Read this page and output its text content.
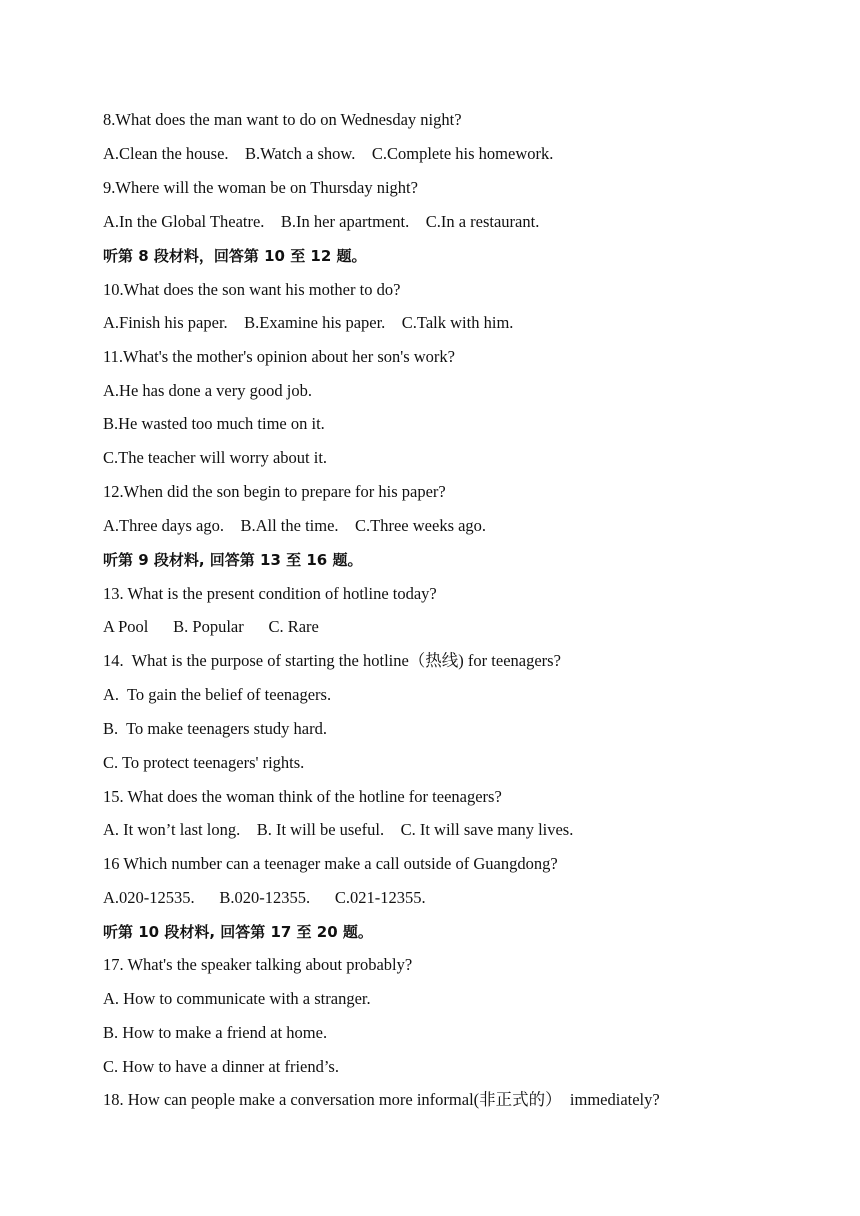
8.What does the man want to do on Wednesday night?
A.Clean the house.    B.Watch a show.    C.Complete his homework.
9.Where will the woman be on Thursday night?
A.In the Global Theatre.    B.In her apartment.    C.In a restaurant.
听第 8 段材料，回答第 10 至 12 题。
10.What does the son want his mother to do?
A.Finish his paper.    B.Examine his paper.    C.Talk with him.
11.What's the mother's opinion about her son's work?
A.He has done a very good job.
B.He wasted too much time on it.
C.The teacher will worry about it.
12.When did the son begin to prepare for his paper?
A.Three days ago.    B.All the time.    C.Three weeks ago.
听第 9 段材料, 回答第 13 至 16 题。
13. What is the present condition of hotline today?
A Pool      B. Popular      C. Rare
14.  What is the purpose of starting the hotline（热线) for teenagers?
A.  To gain the belief of teenagers.
B.  To make teenagers study hard.
C. To protect teenagers' rights.
15. What does the woman think of the hotline for teenagers?
A. It won’t last long.    B. It will be useful.    C. It will save many lives.
16 Which number can a teenager make a call outside of Guangdong?
A.020-12535.      B.020-12355.      C.021-12355.
听第 10 段材料, 回答第 17 至 20 题。
17. What's the speaker talking about probably?
A. How to communicate with a stranger.
B. How to make a friend at home.
C. How to have a dinner at friend’s.
18. How can people make a conversation more informal(非正式的）  immediately?
